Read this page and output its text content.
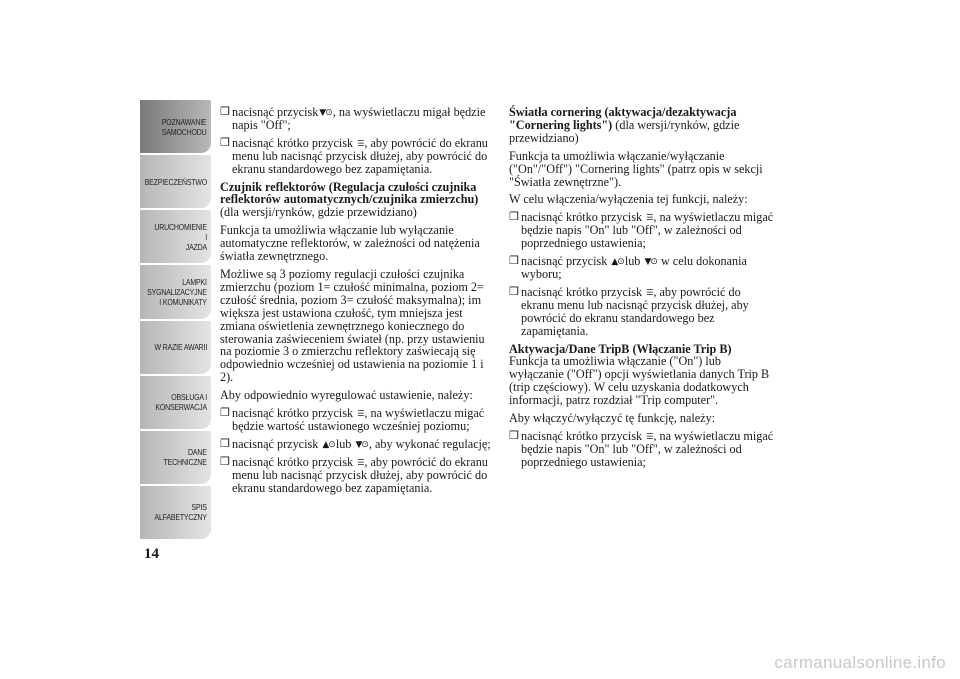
POZNAWANIE
SAMOCHODU
BEZPIECZEŃSTWO
URUCHOMIENIE I
JAZDA
LAMPKI
SYGNALIZACYJNE
I KOMUNIKATY
W RAZIE AWARII
OBSŁUGA I
KONSERWACJA
DANE
TECHNICZNE
SPIS
ALFABETYCZNY
14
❒ nacisnąć przycisk▼⊙, na wyświetlaczu migał będzie napis "Off";
❒ nacisnąć krótko przycisk ☰, aby powrócić do ekranu menu lub nacisnąć przycisk dłużej, aby powrócić do ekranu standardowego bez zapamiętania.

Czujnik reflektorów (Regulacja czułości czujnika reflektorów automatycznych/czujnika zmierzchu)

(dla wersji/rynków, gdzie przewidziano)

Funkcja ta umożliwia włączanie lub wyłączanie automatyczne reflektorów, w zależności od natężenia światła zewnętrznego.

Możliwe są 3 poziomy regulacji czułości czujnika zmierzchu (poziom 1= czułość minimalna, poziom 2= czułość średnia, poziom 3= czułość maksymalna); im większa jest ustawiona czułość, tym mniejsza jest zmiana oświetlenia zewnętrznego koniecznego do sterowania zaświeceniem świateł (np. przy ustawieniu na poziomie 3 o zmierzchu reflektory zaświecają się odpowiednio wcześniej od ustawienia na poziomie 1 i 2).

Aby odpowiednio wyregulować ustawienie, należy:

❒ nacisnąć krótko przycisk ☰, na wyświetlaczu migać będzie wartość ustawionego wcześniej poziomu;
❒ nacisnąć przycisk ▲⊙lub ▼⊙, aby wykonać regulację;
❒ nacisnąć krótko przycisk ☰, aby powrócić do ekranu menu lub nacisnąć przycisk dłużej, aby powrócić do ekranu standardowego bez zapamiętania.

Światła cornering (aktywacja/dezaktywacja "Cornering lights") (dla wersji/rynków, gdzie przewidziano)

Funkcja ta umożliwia włączanie/wyłączanie ("On"/"Off") "Cornering lights" (patrz opis w sekcji "Światła zewnętrzne").

W celu włączenia/wyłączenia tej funkcji, należy:

❒ nacisnąć krótko przycisk ☰, na wyświetlaczu migać będzie napis "On" lub "Off", w zależności od poprzedniego ustawienia;
❒ nacisnąć przycisk ▲⊙lub ▼⊙ w celu dokonania wyboru;
❒ nacisnąć krótko przycisk ☰, aby powrócić do ekranu menu lub nacisnąć przycisk dłużej, aby powrócić do ekranu standardowego bez zapamiętania.

Aktywacja/Dane TripB (Włączanie Trip B)

Funkcja ta umożliwia włączanie ("On") lub wyłączanie ("Off") opcji wyświetlania danych Trip B (trip częściowy). W celu uzyskania dodatkowych informacji, patrz rozdział "Trip computer".

Aby włączyć/wyłączyć tę funkcję, należy:

❒ nacisnąć krótko przycisk ☰, na wyświetlaczu migać będzie napis "On" lub "Off", w zależności od poprzedniego ustawienia;
carmanualsonline.info
